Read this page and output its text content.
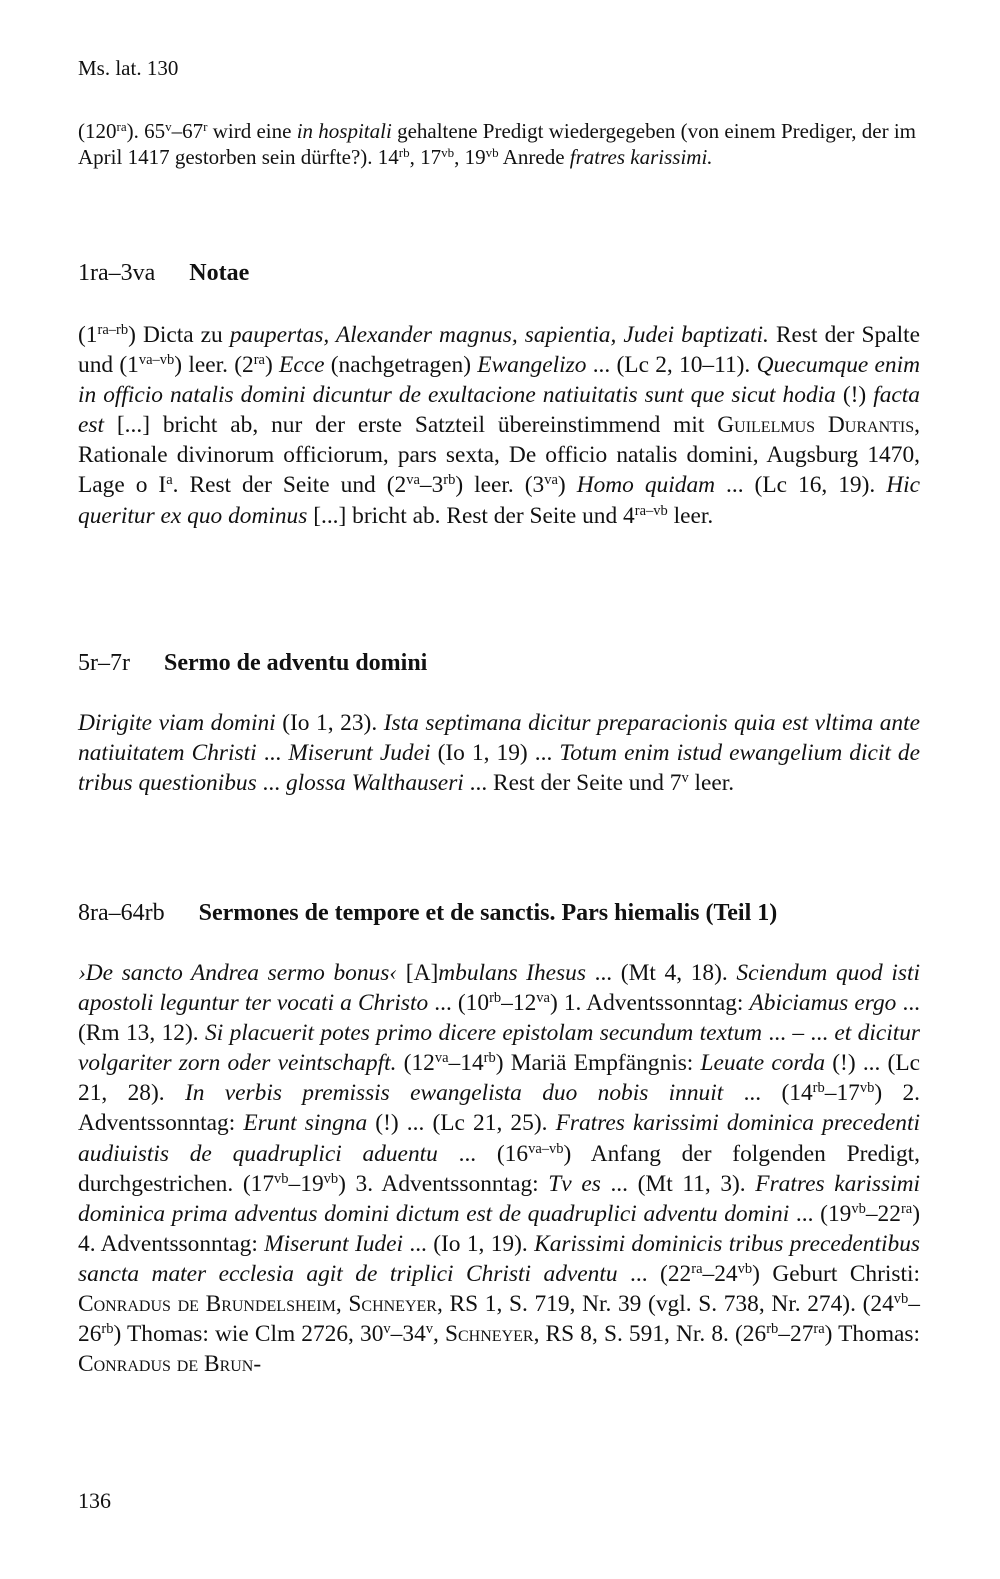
Ms. lat. 130
$(120^{ra})$. 65$^v$–67$^r$ wird eine in hospitali gehaltene Predigt wiedergegeben (von einem Prediger, der im April 1417 gestorben sein dürfte?). $14^{rb}$, $17^{vb}$, $19^{vb}$ Anrede fratres karissimi.
1ra–3va Notae
$(1^{ra-rb})$ Dicta zu paupertas, Alexander magnus, sapientia, Judei baptizati. Rest der Spalte und $(1^{va-vb})$ leer. $(2^{ra})$ Ecce (nachgetragen) Ewangelizo ... (Lc 2, 10–11). Quecumque enim in officio natalis domini dicuntur de exultacione natiuitatis sunt que sicut hodia (!) facta est [...] bricht ab, nur der erste Satzteil übereinstimmend mit Guilelmus Durantis, Rationale divinorum officiorum, pars sexta, De officio natalis domini, Augsburg 1470, Lage o $I^a$. Rest der Seite und $(2^{va}-3^{rb})$ leer. $(3^{va})$ Homo quidam ... (Lc 16, 19). Hic queritur ex quo dominus [...] bricht ab. Rest der Seite und $4^{ra-vb}$ leer.
5r–7r Sermo de adventu domini
Dirigite viam domini (Io 1, 23). Ista septimana dicitur preparacionis quia est vltima ante natiuitatem Christi ... Miserunt Judei (Io 1, 19) ... Totum enim istud ewangelium dicit de tribus questionibus ... glossa Walthauseri ... Rest der Seite und 7$^v$ leer.
8ra–64rb Sermones de tempore et de sanctis. Pars hiemalis (Teil 1)
›De sancto Andrea sermo bonus‹ [A]mbulans Ihesus ... (Mt 4, 18). Sciendum quod isti apostoli leguntur ter vocati a Christo ... $(10^{rb}-12^{va})$ 1. Adventssonntag: Abiciamus ergo ... (Rm 13, 12). Si placuerit potes primo dicere epistolam secundum textum ... – ... et dicitur volgariter zorn oder veintschapft. $(12^{va}-14^{rb})$ Mariä Empfängnis: Leuate corda (!) ... (Lc 21, 28). In verbis premissis ewangelista duo nobis innuit ... $(14^{rb}-17^{vb})$ 2. Adventssonntag: Erunt singna (!) ... (Lc 21, 25). Fratres karissimi dominica precedenti audiuistis de quadruplici aduentu ... $(16^{va-vb})$ Anfang der folgenden Predigt, durchgestrichen. $(17^{vb}-19^{vb})$ 3. Adventssonntag: Tv es ... (Mt 11, 3). Fratres karissimi dominica prima adventus domini dictum est de quadruplici adventu domini ... $(19^{vb}-22^{ra})$ 4. Adventssonntag: Miserunt Iudei ... (Io 1, 19). Karissimi dominicis tribus precedentibus sancta mater ecclesia agit de triplici Christi adventu ... $(22^{ra}-24^{vb})$ Geburt Christi: Conradus de Brundelsheim, Schneyer, RS 1, S. 719, Nr. 39 (vgl. S. 738, Nr. 274). $(24^{vb}-26^{rb})$ Thomas: wie Clm 2726, 30$^v$–34$^v$, Schneyer, RS 8, S. 591, Nr. 8. $(26^{rb}-27^{ra})$ Thomas: Conradus de Brun-
136
